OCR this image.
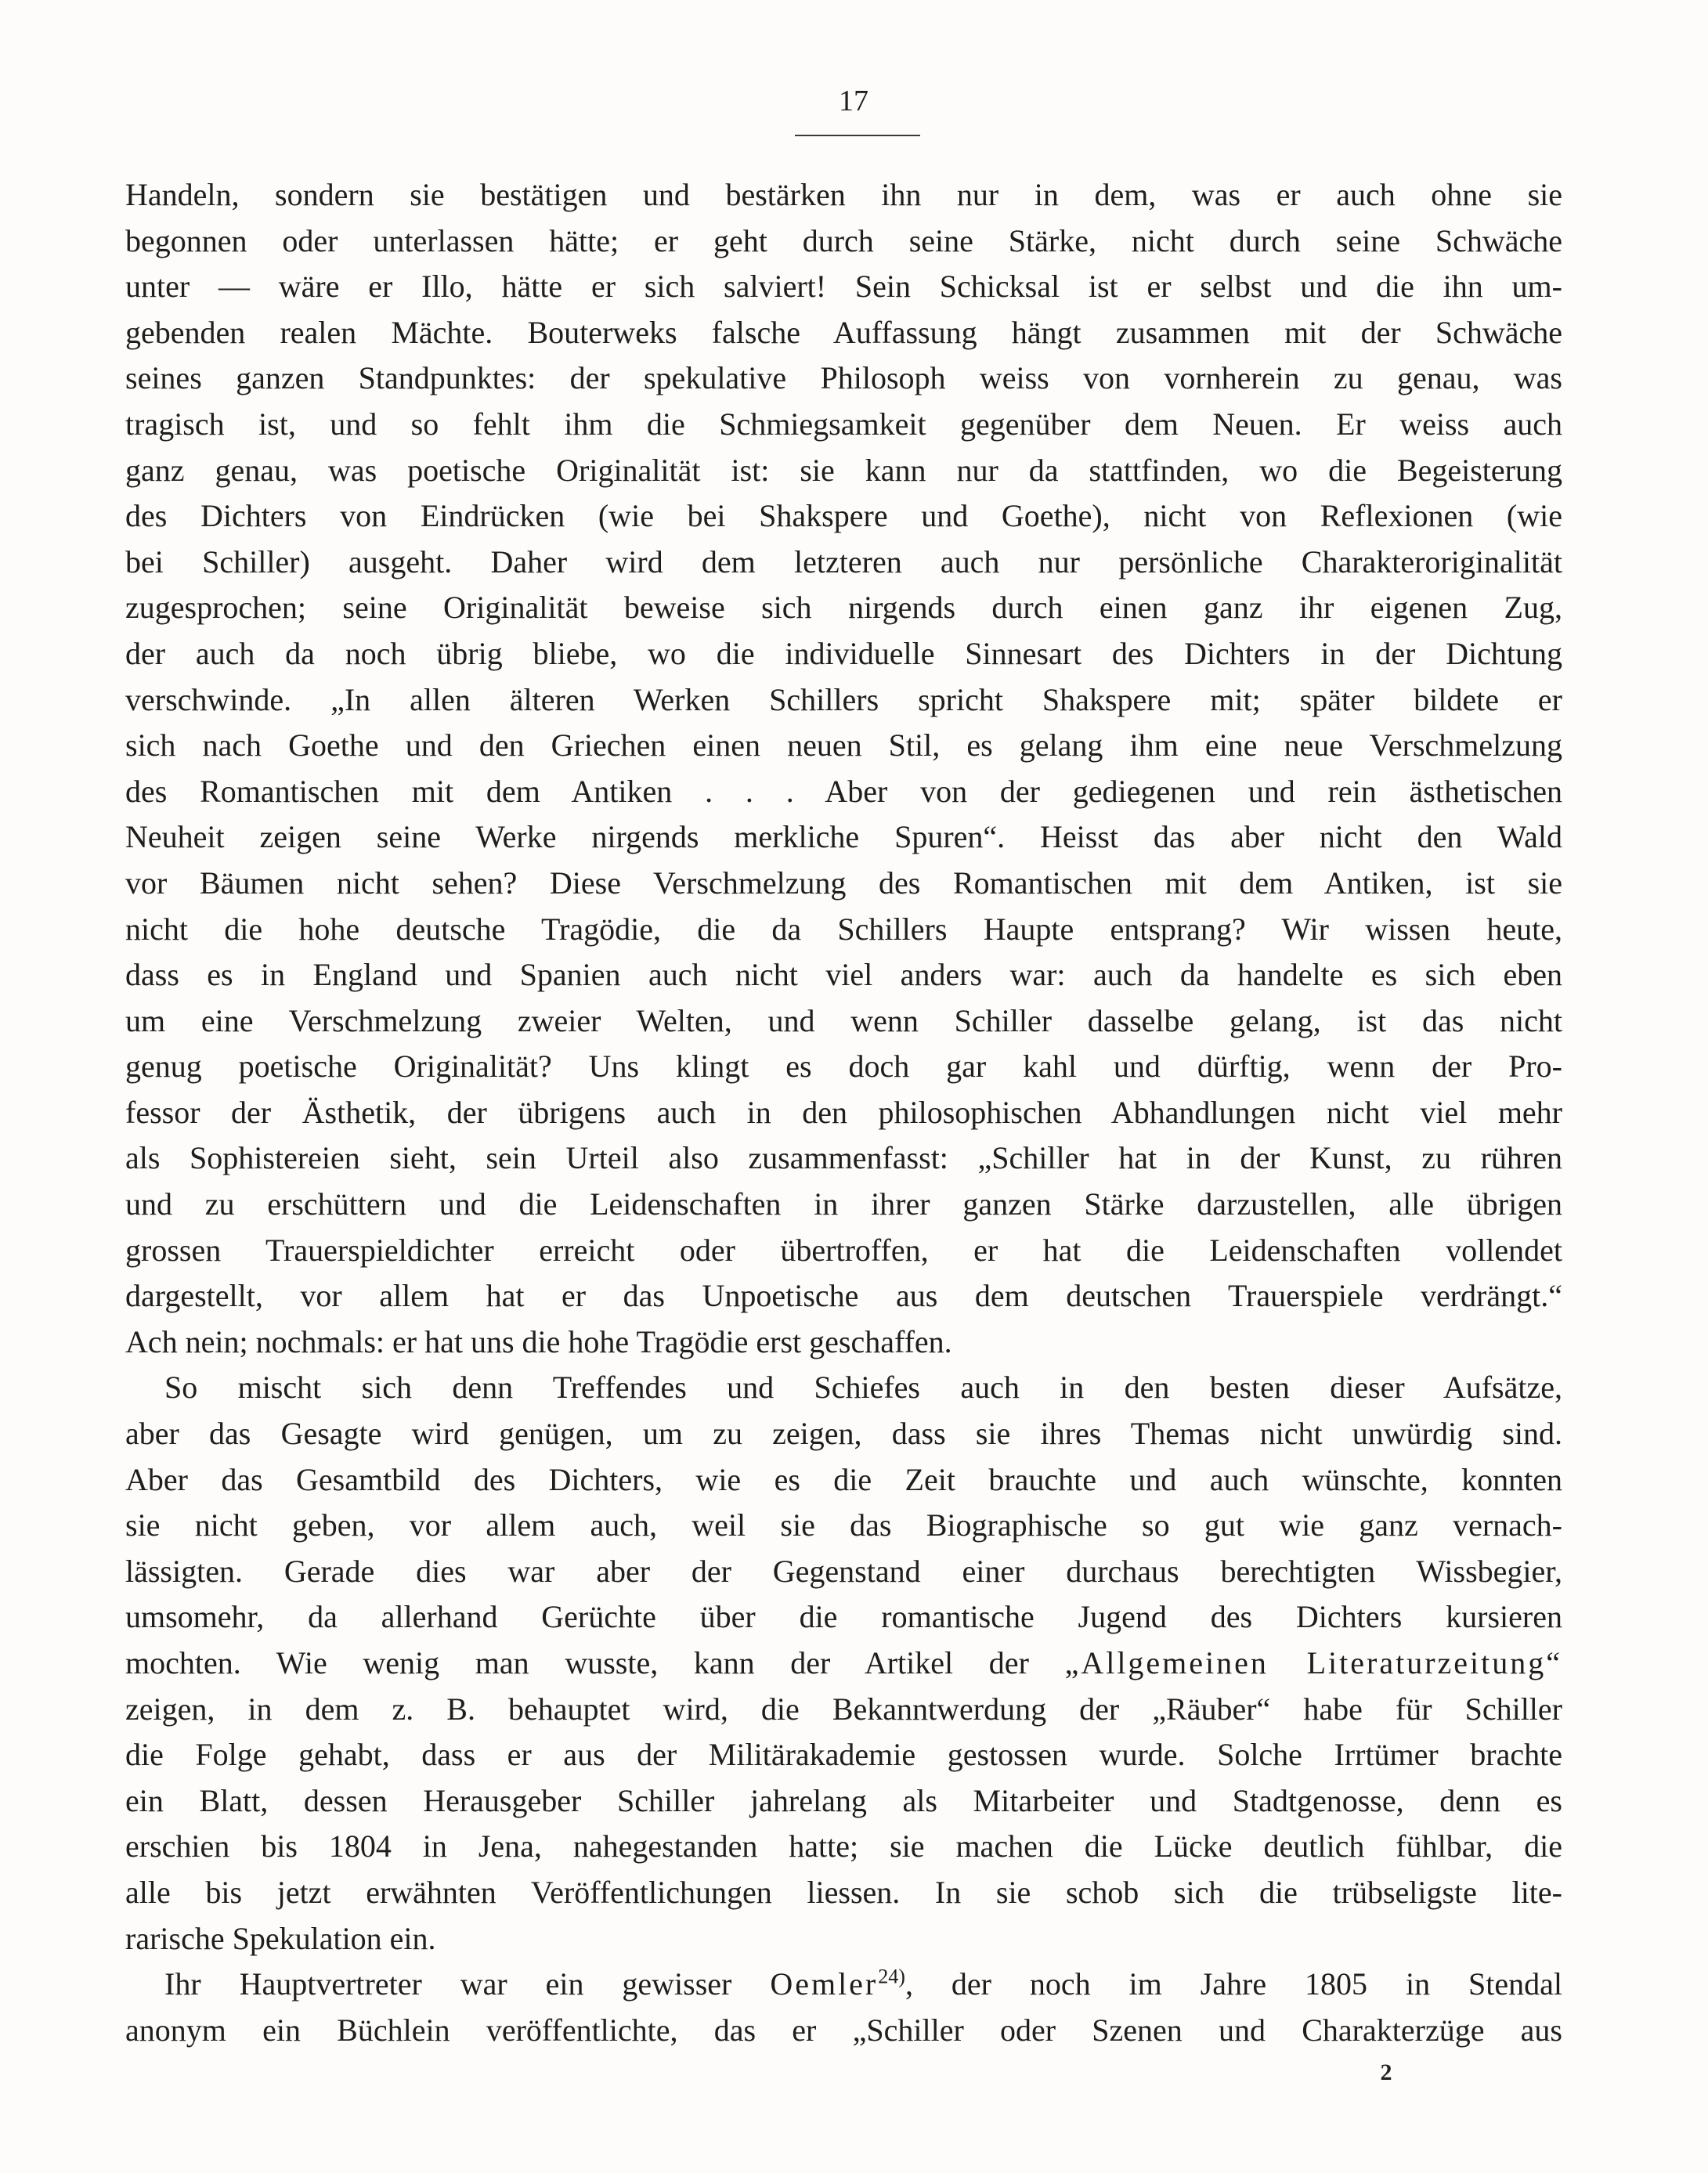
17
Handeln, sondern sie bestätigen und bestärken ihn nur in dem, was er auch ohne sie
begonnen oder unterlassen hätte; er geht durch seine Stärke, nicht durch seine Schwäche
unter — wäre er Illo, hätte er sich salviert! Sein Schicksal ist er selbst und die ihn um-
gebenden realen Mächte. Bouterweks falsche Auffassung hängt zusammen mit der Schwäche
seines ganzen Standpunktes: der spekulative Philosoph weiss von vornherein zu genau, was
tragisch ist, und so fehlt ihm die Schmiegsamkeit gegenüber dem Neuen. Er weiss auch
ganz genau, was poetische Originalität ist: sie kann nur da stattfinden, wo die Begeisterung
des Dichters von Eindrücken (wie bei Shakspere und Goethe), nicht von Reflexionen (wie
bei Schiller) ausgeht. Daher wird dem letzteren auch nur persönliche Charakteroriginalität
zugesprochen; seine Originalität beweise sich nirgends durch einen ganz ihr eigenen Zug,
der auch da noch übrig bliebe, wo die individuelle Sinnesart des Dichters in der Dichtung
verschwinde. „In allen älteren Werken Schillers spricht Shakspere mit; später bildete er
sich nach Goethe und den Griechen einen neuen Stil, es gelang ihm eine neue Verschmelzung
des Romantischen mit dem Antiken . . . Aber von der gediegenen und rein ästhetischen
Neuheit zeigen seine Werke nirgends merkliche Spuren“. Heisst das aber nicht den Wald
vor Bäumen nicht sehen? Diese Verschmelzung des Romantischen mit dem Antiken, ist sie
nicht die hohe deutsche Tragödie, die da Schillers Haupte entsprang? Wir wissen heute,
dass es in England und Spanien auch nicht viel anders war: auch da handelte es sich eben
um eine Verschmelzung zweier Welten, und wenn Schiller dasselbe gelang, ist das nicht
genug poetische Originalität? Uns klingt es doch gar kahl und dürftig, wenn der Pro-
fessor der Ästhetik, der übrigens auch in den philosophischen Abhandlungen nicht viel mehr
als Sophistereien sieht, sein Urteil also zusammenfasst: „Schiller hat in der Kunst, zu rühren
und zu erschüttern und die Leidenschaften in ihrer ganzen Stärke darzustellen, alle übrigen
grossen Trauerspieldichter erreicht oder übertroffen, er hat die Leidenschaften vollendet
dargestellt, vor allem hat er das Unpoetische aus dem deutschen Trauerspiele verdrängt.“
Ach nein; nochmals: er hat uns die hohe Tragödie erst geschaffen.
So mischt sich denn Treffendes und Schiefes auch in den besten dieser Aufsätze,
aber das Gesagte wird genügen, um zu zeigen, dass sie ihres Themas nicht unwürdig sind.
Aber das Gesamtbild des Dichters, wie es die Zeit brauchte und auch wünschte, konnten
sie nicht geben, vor allem auch, weil sie das Biographische so gut wie ganz vernach-
lässigten. Gerade dies war aber der Gegenstand einer durchaus berechtigten Wissbegier,
umsomehr, da allerhand Gerüchte über die romantische Jugend des Dichters kursieren
mochten. Wie wenig man wusste, kann der Artikel der „Allgemeinen Literaturzeitung“
zeigen, in dem z. B. behauptet wird, die Bekanntwerdung der „Räuber“ habe für Schiller
die Folge gehabt, dass er aus der Militärakademie gestossen wurde. Solche Irrtümer brachte
ein Blatt, dessen Herausgeber Schiller jahrelang als Mitarbeiter und Stadtgenosse, denn es
erschien bis 1804 in Jena, nahegestanden hatte; sie machen die Lücke deutlich fühlbar, die
alle bis jetzt erwähnten Veröffentlichungen liessen. In sie schob sich die trübseligste lite-
rarische Spekulation ein.
Ihr Hauptvertreter war ein gewisser Oemler$^{24)}$, der noch im Jahre 1805 in Stendal
anonym ein Büchlein veröffentlichte, das er „Schiller oder Szenen und Charakterzüge aus
2
